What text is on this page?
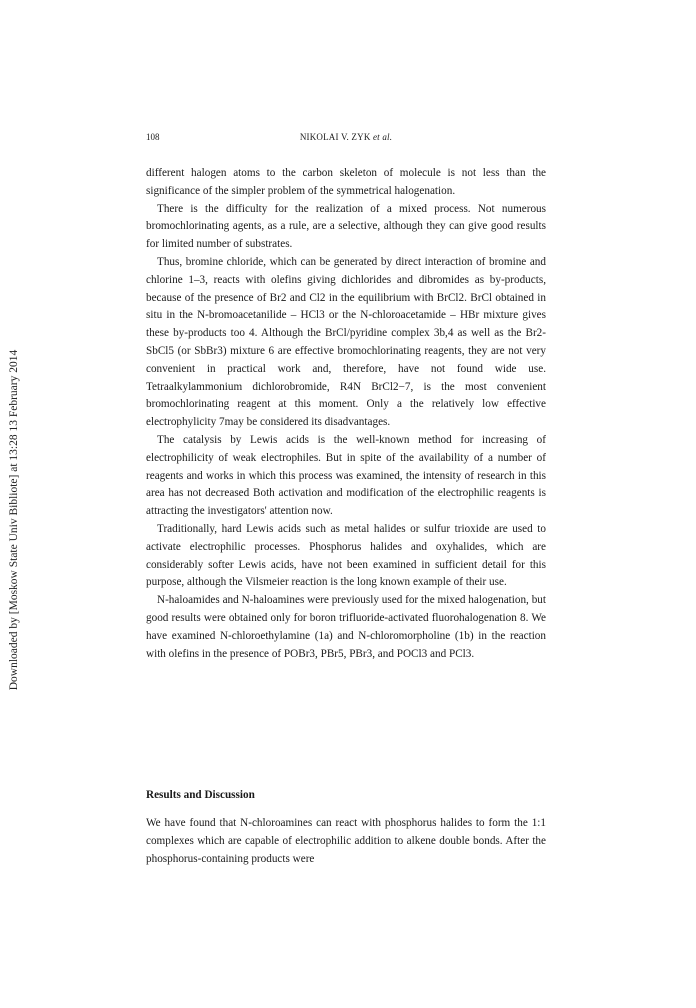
Downloaded by [Moskow State Univ Bibliote] at 13:28 13 February 2014
108	NIKOLAI V. ZYK et al.

different halogen atoms to the carbon skeleton of molecule is not less than the significance of the simpler problem of the symmetrical halogenation.

There is the difficulty for the realization of a mixed process. Not numerous bromochlorinating agents, as a rule, are a selective, although they can give good results for limited number of substrates.

Thus, bromine chloride, which can be generated by direct interaction of bromine and chlorine 1–3, reacts with olefins giving dichlorides and dibromides as by-products, because of the presence of Br2 and Cl2 in the equilibrium with BrCl2. BrCl obtained in situ in the N-bromoacetanilide – HCl3 or the N-chloroacetamide – HBr mixture gives these by-products too 4. Although the BrCl/pyridine complex 3b,4 as well as the Br2-SbCl5 (or SbBr3) mixture 6 are effective bromochlorinating reagents, they are not very convenient in practical work and, therefore, have not found wide use. Tetraalkylammonium dichlorobromide, R4N BrCl2−7, is the most convenient bromochlorinating reagent at this moment. Only a the relatively low effective electrophylicity 7may be considered its disadvantages.

The catalysis by Lewis acids is the well-known method for increasing of electrophilicity of weak electrophiles. But in spite of the availability of a number of reagents and works in which this process was examined, the intensity of research in this area has not decreased Both activation and modification of the electrophilic reagents is attracting the investigators' attention now.

Traditionally, hard Lewis acids such as metal halides or sulfur trioxide are used to activate electrophilic processes. Phosphorus halides and oxyhalides, which are considerably softer Lewis acids, have not been examined in sufficient detail for this purpose, although the Vilsmeier reaction is the long known example of their use.

N-haloamides and N-haloamines were previously used for the mixed halogenation, but good results were obtained only for boron trifluoride-activated fluorohalogenation 8. We have examined N-chloroethylamine (1a) and N-chloromorpholine (1b) in the reaction with olefins in the presence of POBr3, PBr5, PBr3, and POCl3 and PCl3.

Results and Discussion

We have found that N-chloroamines can react with phosphorus halides to form the 1:1 complexes which are capable of electrophilic addition to alkene double bonds. After the phosphorus-containing products were
